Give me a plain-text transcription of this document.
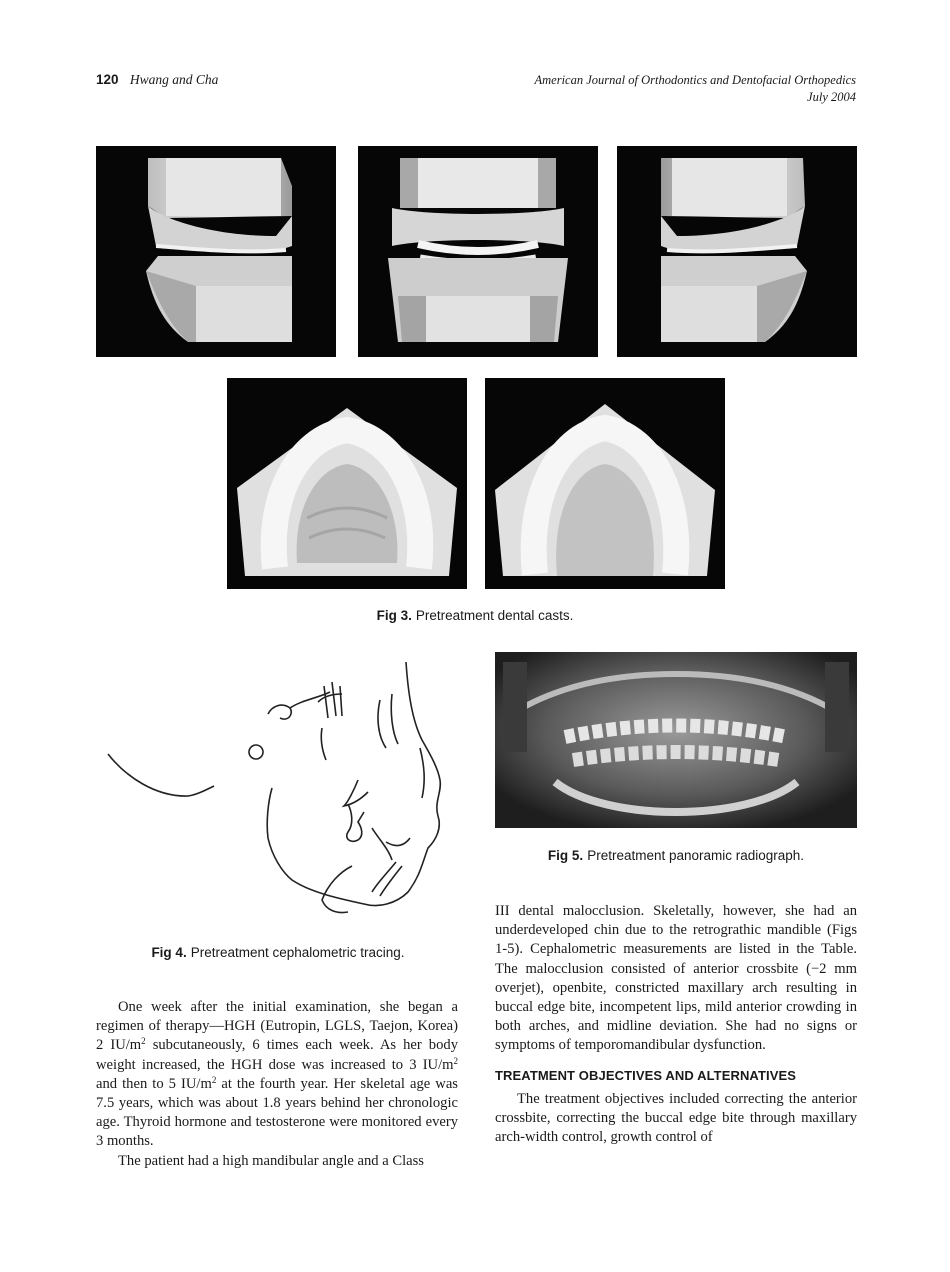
120 Hwang and Cha	American Journal of Orthodontics and Dentofacial Orthopedics
July 2004
Fig 3. Pretreatment dental casts.
Fig 4. Pretreatment cephalometric tracing.
Fig 5. Pretreatment panoramic radiograph.

One week after the initial examination, she began a regimen of therapy—HGH (Eutropin, LGLS, Taejon, Korea) 2 $IU/m^2$ subcutaneously, 6 times each week. As her body weight increased, the HGH dose was increased to 3 $IU/m^2$ and then to 5 $IU/m^2$ at the fourth year. Her skeletal age was 7.5 years, which was about 1.8 years behind her chronologic age. Thyroid hormone and testosterone were monitored every 3 months.

The patient had a high mandibular angle and a Class

III dental malocclusion. Skeletally, however, she had an underdeveloped chin due to the retrograthic mandible (Figs 1-5). Cephalometric measurements are listed in the Table. The malocclusion consisted of anterior crossbite (−2 mm overjet), openbite, constricted maxillary arch resulting in buccal edge bite, incompetent lips, mild anterior crowding in both arches, and midline deviation. She had no signs or symptoms of temporomandibular dysfunction.

TREATMENT OBJECTIVES AND ALTERNATIVES

The treatment objectives included correcting the anterior crossbite, correcting the buccal edge bite through maxillary arch-width control, growth control of
